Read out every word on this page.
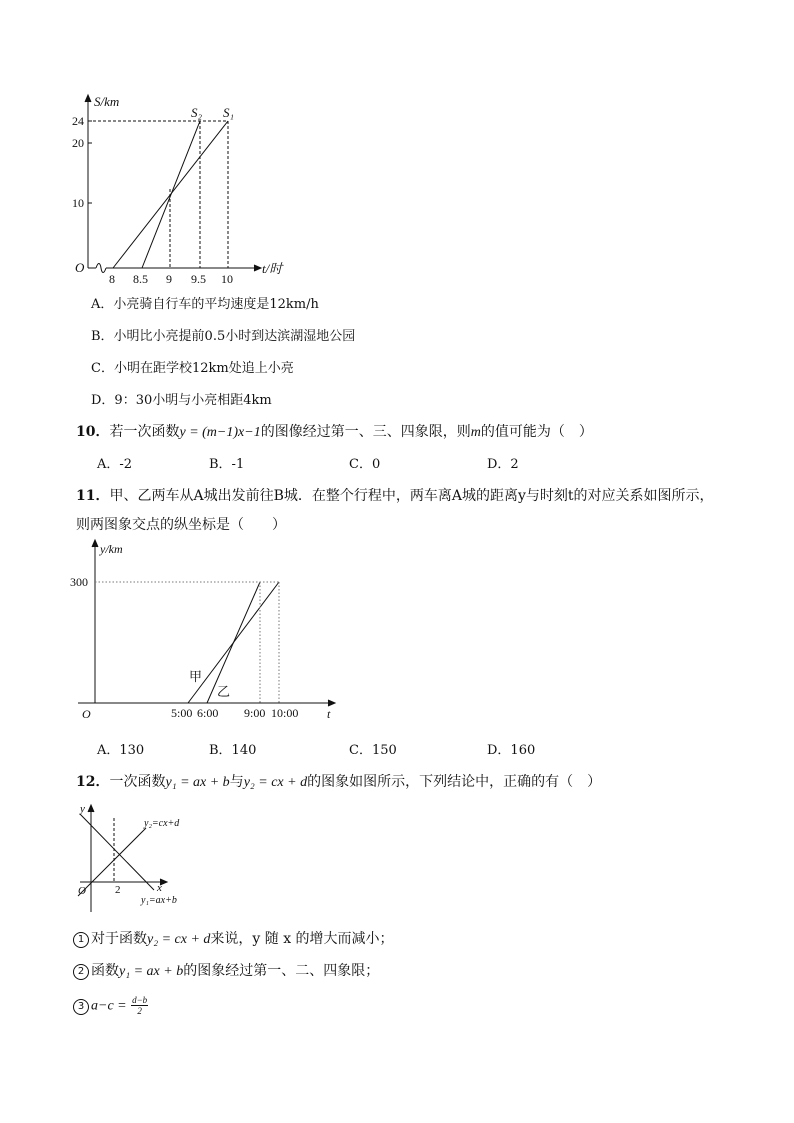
S/km
24
20
10
O
8 8.5 9 9.5 10
t/时
S₂ S₁
A．小亮骑自行车的平均速度是12km/h
B．小明比小亮提前0.5小时到达滨湖湿地公园
C．小明在距学校12km处追上小亮
D．9：30小明与小亮相距4km
10．若一次函数y = (m−1)x−1的图像经过第一、三、四象限，则m的值可能为（　）
A．-2	B．-1	C．0	D．2
11．甲、乙两车从A城出发前往B城．在整个行程中，两车离A城的距离y与时刻t的对应关系如图所示，
则两图象交点的纵坐标是（　　）
y/km
300
O	5:00 6:00 9:00 10:00 t
甲
乙
A．130	B．140	C．150	D．160
12．一次函数y₁ = ax + b与y₂ = cx + d的图象如图所示，下列结论中，正确的有（　）
y
O	2	x
y₂=cx+d
y₁=ax+b
1 对于函数y₂ = cx + d来说，y 随 x 的增大而减小；
2 函数y₁ = ax + b的图象经过第一、二、四象限；
3 $a-c = \frac{d-b}{2}$
